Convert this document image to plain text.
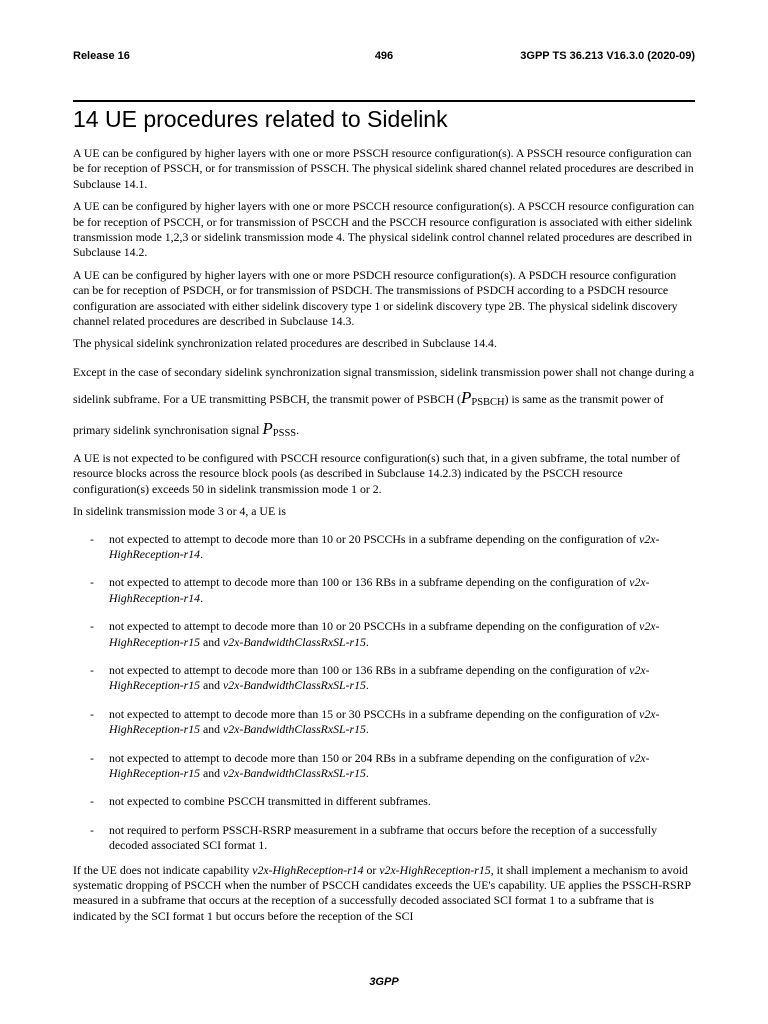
Release 16	496	3GPP TS 36.213 V16.3.0 (2020-09)
14 UE procedures related to Sidelink

A UE can be configured by higher layers with one or more PSSCH resource configuration(s). A PSSCH resource configuration can be for reception of PSSCH, or for transmission of PSSCH. The physical sidelink shared channel related procedures are described in Subclause 14.1.

A UE can be configured by higher layers with one or more PSCCH resource configuration(s). A PSCCH resource configuration can be for reception of PSCCH, or for transmission of PSCCH and the PSCCH resource configuration is associated with either sidelink transmission mode 1,2,3 or sidelink transmission mode 4. The physical sidelink control channel related procedures are described in Subclause 14.2.

A UE can be configured by higher layers with one or more PSDCH resource configuration(s). A PSDCH resource configuration can be for reception of PSDCH, or for transmission of PSDCH. The transmissions of PSDCH according to a PSDCH resource configuration are associated with either sidelink discovery type 1 or sidelink discovery type 2B. The physical sidelink discovery channel related procedures are described in Subclause 14.3.

The physical sidelink synchronization related procedures are described in Subclause 14.4.

Except in the case of secondary sidelink synchronization signal transmission, sidelink transmission power shall not change during a sidelink subframe. For a UE transmitting PSBCH, the transmit power of PSBCH $(P_{PSBCH})$ is same as the transmit power of primary sidelink synchronisation signal $P_{PSSS}$.

A UE is not expected to be configured with PSCCH resource configuration(s) such that, in a given subframe, the total number of resource blocks across the resource block pools (as described in Subclause 14.2.3) indicated by the PSCCH resource configuration(s) exceeds 50 in sidelink transmission mode 1 or 2.

In sidelink transmission mode 3 or 4, a UE is

- not expected to attempt to decode more than 10 or 20 PSCCHs in a subframe depending on the configuration of v2x-HighReception-r14.
- not expected to attempt to decode more than 100 or 136 RBs in a subframe depending on the configuration of v2x-HighReception-r14.
- not expected to attempt to decode more than 10 or 20 PSCCHs in a subframe depending on the configuration of v2x-HighReception-r15 and v2x-BandwidthClassRxSL-r15.
- not expected to attempt to decode more than 100 or 136 RBs in a subframe depending on the configuration of v2x-HighReception-r15 and v2x-BandwidthClassRxSL-r15.
- not expected to attempt to decode more than 15 or 30 PSCCHs in a subframe depending on the configuration of v2x-HighReception-r15 and v2x-BandwidthClassRxSL-r15.
- not expected to attempt to decode more than 150 or 204 RBs in a subframe depending on the configuration of v2x-HighReception-r15 and v2x-BandwidthClassRxSL-r15.
- not expected to combine PSCCH transmitted in different subframes.
- not required to perform PSSCH-RSRP measurement in a subframe that occurs before the reception of a successfully decoded associated SCI format 1.

If the UE does not indicate capability v2x-HighReception-r14 or v2x-HighReception-r15, it shall implement a mechanism to avoid systematic dropping of PSCCH when the number of PSCCH candidates exceeds the UE's capability. UE applies the PSSCH-RSRP measured in a subframe that occurs at the reception of a successfully decoded associated SCI format 1 to a subframe that is indicated by the SCI format 1 but occurs before the reception of the SCI

3GPP
